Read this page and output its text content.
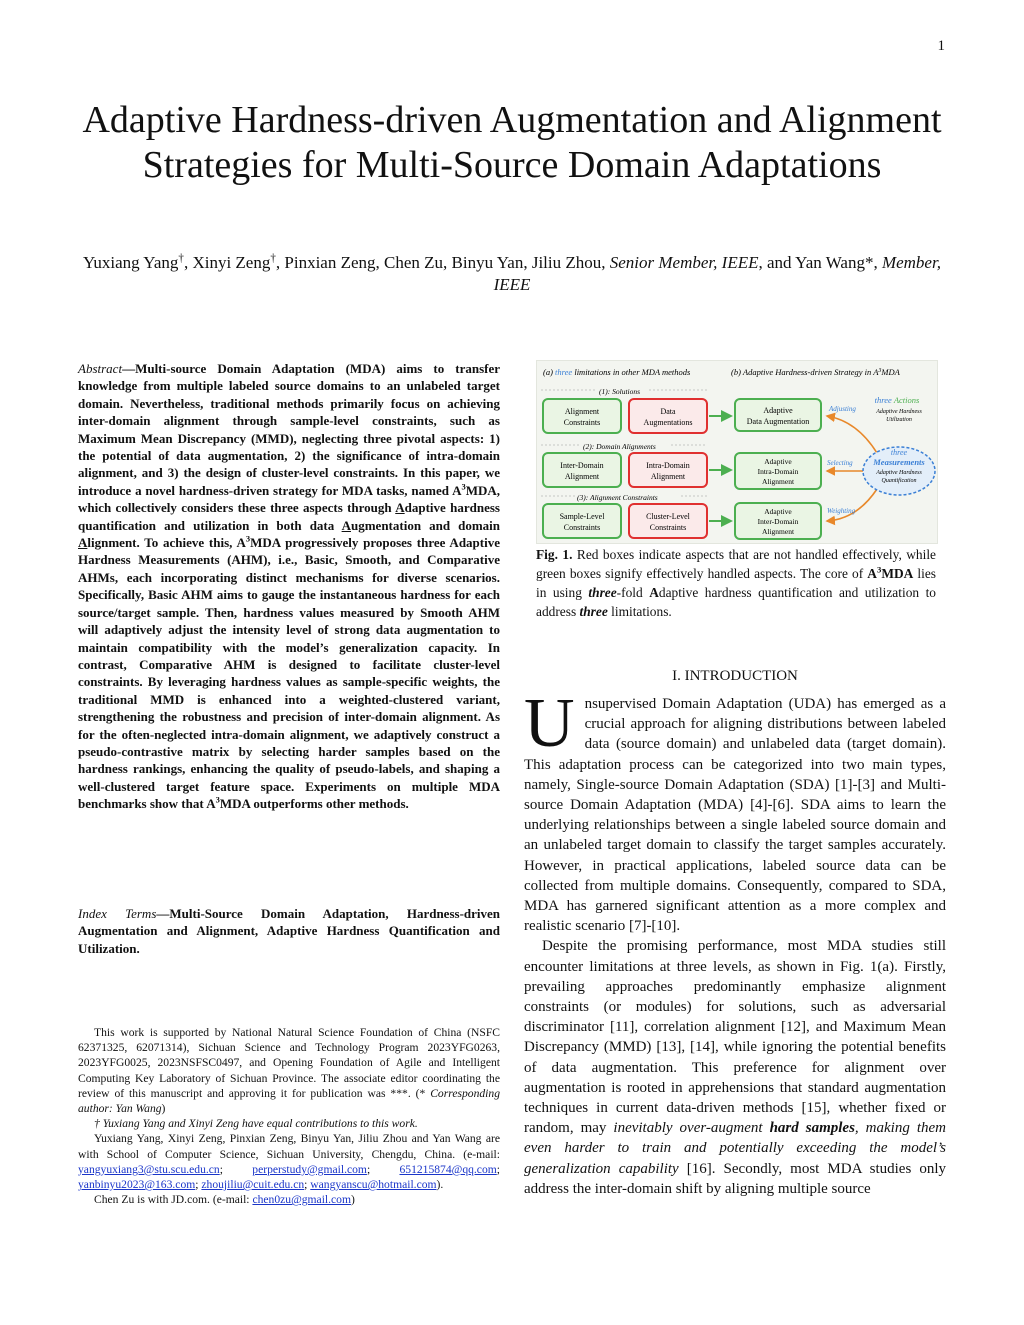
1
Adaptive Hardness-driven Augmentation and Alignment Strategies for Multi-Source Domain Adaptations
Yuxiang Yang†, Xinyi Zeng†, Pinxian Zeng, Chen Zu, Binyu Yan, Jiliu Zhou, Senior Member, IEEE, and Yan Wang*, Member, IEEE
Abstract—Multi-source Domain Adaptation (MDA) aims to transfer knowledge from multiple labeled source domains to an unlabeled target domain. Nevertheless, traditional methods primarily focus on achieving inter-domain alignment through sample-level constraints, such as Maximum Mean Discrepancy (MMD), neglecting three pivotal aspects: 1) the potential of data augmentation, 2) the significance of intra-domain alignment, and 3) the design of cluster-level constraints. In this paper, we introduce a novel hardness-driven strategy for MDA tasks, named $A^3MDA$, which collectively considers these three aspects through Adaptive hardness quantification and utilization in both data Augmentation and domain Alignment. To achieve this, $A^3MDA$ progressively proposes three Adaptive Hardness Measurements (AHM), i.e., Basic, Smooth, and Comparative AHMs, each incorporating distinct mechanisms for diverse scenarios. Specifically, Basic AHM aims to gauge the instantaneous hardness for each source/target sample. Then, hardness values measured by Smooth AHM will adaptively adjust the intensity level of strong data augmentation to maintain compatibility with the model’s generalization capacity. In contrast, Comparative AHM is designed to facilitate cluster-level constraints. By leveraging hardness values as sample-specific weights, the traditional MMD is enhanced into a weighted-clustered variant, strengthening the robustness and precision of inter-domain alignment. As for the often-neglected intra-domain alignment, we adaptively construct a pseudo-contrastive matrix by selecting harder samples based on the hardness rankings, enhancing the quality of pseudo-labels, and shaping a well-clustered target feature space. Experiments on multiple MDA benchmarks show that $A^3MDA$ outperforms other methods.
Index Terms—Multi-Source Domain Adaptation, Hardness-driven Augmentation and Alignment, Adaptive Hardness Quantification and Utilization.

This work is supported by National Natural Science Foundation of China (NSFC 62371325, 62071314), Sichuan Science and Technology Program 2023YFG0263, 2023YFG0025, 2023NSFSC0497, and Opening Foundation of Agile and Intelligent Computing Key Laboratory of Sichuan Province. The associate editor coordinating the review of this manuscript and approving it for publication was ***. (* Corresponding author: Yan Wang)

† Yuxiang Yang and Xinyi Zeng have equal contributions to this work.

Yuxiang Yang, Xinyi Zeng, Pinxian Zeng, Binyu Yan, Jiliu Zhou and Yan Wang are with School of Computer Science, Sichuan University, Chengdu, China. (e-mail: yangyuxiang3@stu.scu.edu.cn; perperstudy@gmail.com; 651215874@qq.com; yanbinyu2023@163.com; zhoujiliu@cuit.edu.cn; wangyanscu@hotmail.com).

Chen Zu is with JD.com. (e-mail: chen0zu@gmail.com)

(a) three limitations in other MDA methods	(b) Adaptive Hardness-driven Strategy in $A^3MDA$
(1): Solutions
(2): Domain Alignments
(3): Alignment Constraints
Alignment
Constraints
Data
Augmentations
Inter-Domain
Alignment
Intra-Domain
Alignment
Sample-Level
Constraints
Cluster-Level
Constraints
Adaptive
Data Augmentation
Adaptive
Intra-Domain
Alignment
Adaptive
Inter-Domain
Alignment
Adjusting
Selecting
Weighting
three Actions
Adaptive Hardness
Utilization
three
Measurements
Adaptive Hardness
Quantification
Fig. 1. Red boxes indicate aspects that are not handled effectively, while green boxes signify effectively handled aspects. The core of $A^3MDA$ lies in using three-fold Adaptive hardness quantification and utilization to address three limitations.
I. INTRODUCTION

Unsupervised Domain Adaptation (UDA) has emerged as a crucial approach for aligning distributions between labeled data (source domain) and unlabeled data (target domain). This adaptation process can be categorized into two main types, namely, Single-source Domain Adaptation (SDA) [1]-[3] and Multi-source Domain Adaptation (MDA) [4]-[6]. SDA aims to learn the underlying relationships between a single labeled source domain and an unlabeled target domain to classify the target samples accurately. However, in practical applications, labeled source data can be collected from multiple domains. Consequently, compared to SDA, MDA has garnered significant attention as a more complex and realistic scenario [7]-[10].

Despite the promising performance, most MDA studies still encounter limitations at three levels, as shown in Fig. 1(a). Firstly, prevailing approaches predominantly emphasize alignment constraints (or modules) for solutions, such as adversarial discriminator [11], correlation alignment [12], and Maximum Mean Discrepancy (MMD) [13], [14], while ignoring the potential benefits of data augmentation. This preference for alignment over augmentation is rooted in apprehensions that standard augmentation techniques in current data-driven methods [15], whether fixed or random, may inevitably over-augment hard samples, making them even harder to train and potentially exceeding the model’s generalization capability [16]. Secondly, most MDA studies only address the inter-domain shift by aligning multiple source
